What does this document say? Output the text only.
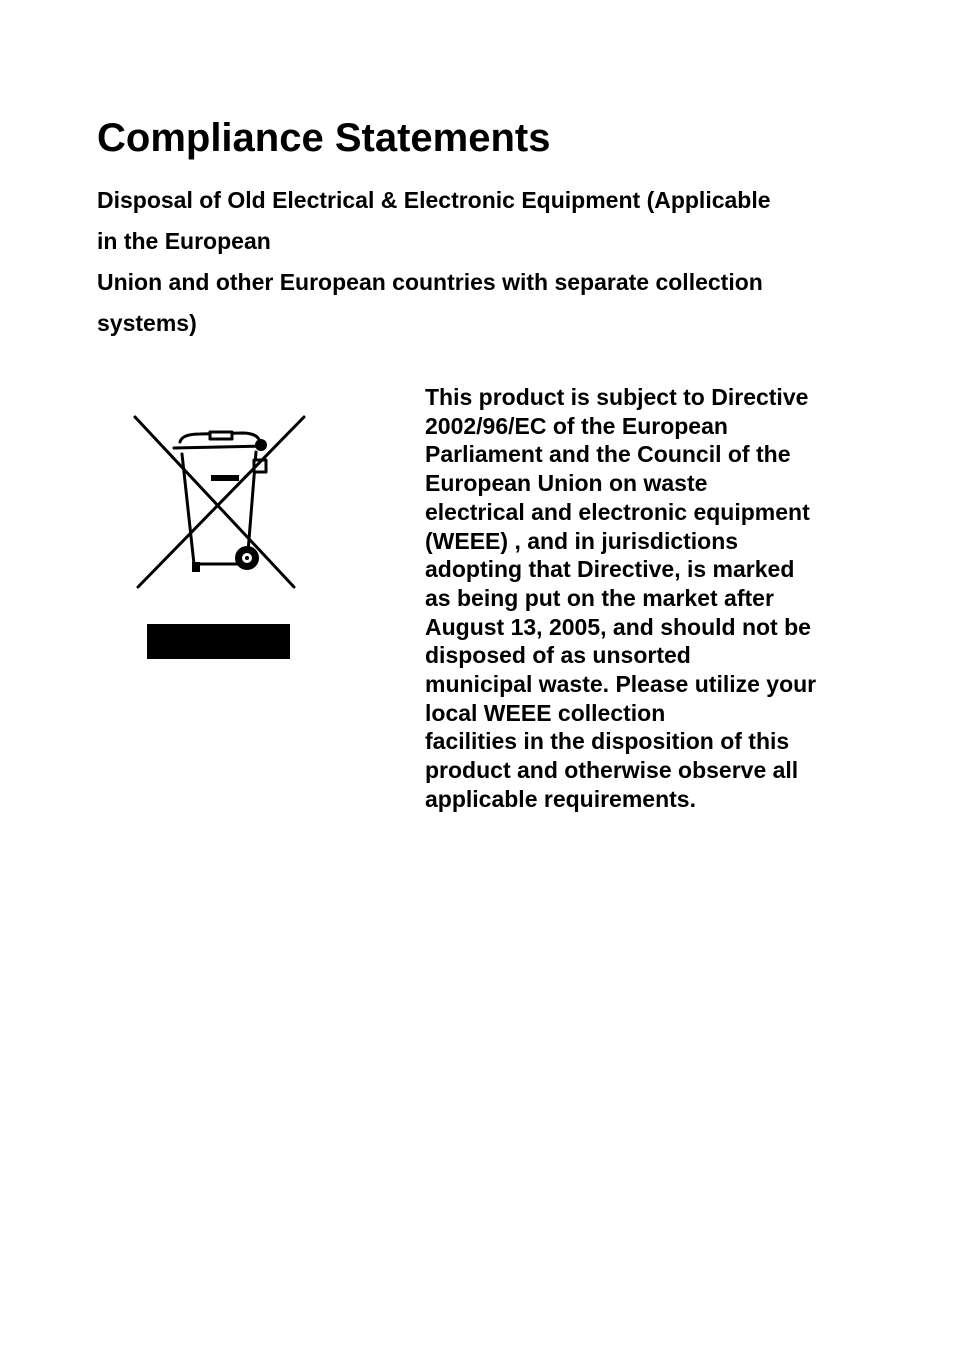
Compliance Statements
Disposal of Old Electrical & Electronic Equipment (Applicable
in the European
Union and other European countries with separate collection
systems)
This product is subject to Directive
2002/96/EC of the European
Parliament and the Council of the
European Union on waste
electrical and electronic equipment
(WEEE) , and in jurisdictions
adopting that Directive, is marked
as being put on the market after
August 13, 2005, and should not be
disposed of as unsorted
municipal waste. Please utilize your
local WEEE collection
facilities in the disposition of this
product and otherwise observe all
applicable requirements.
